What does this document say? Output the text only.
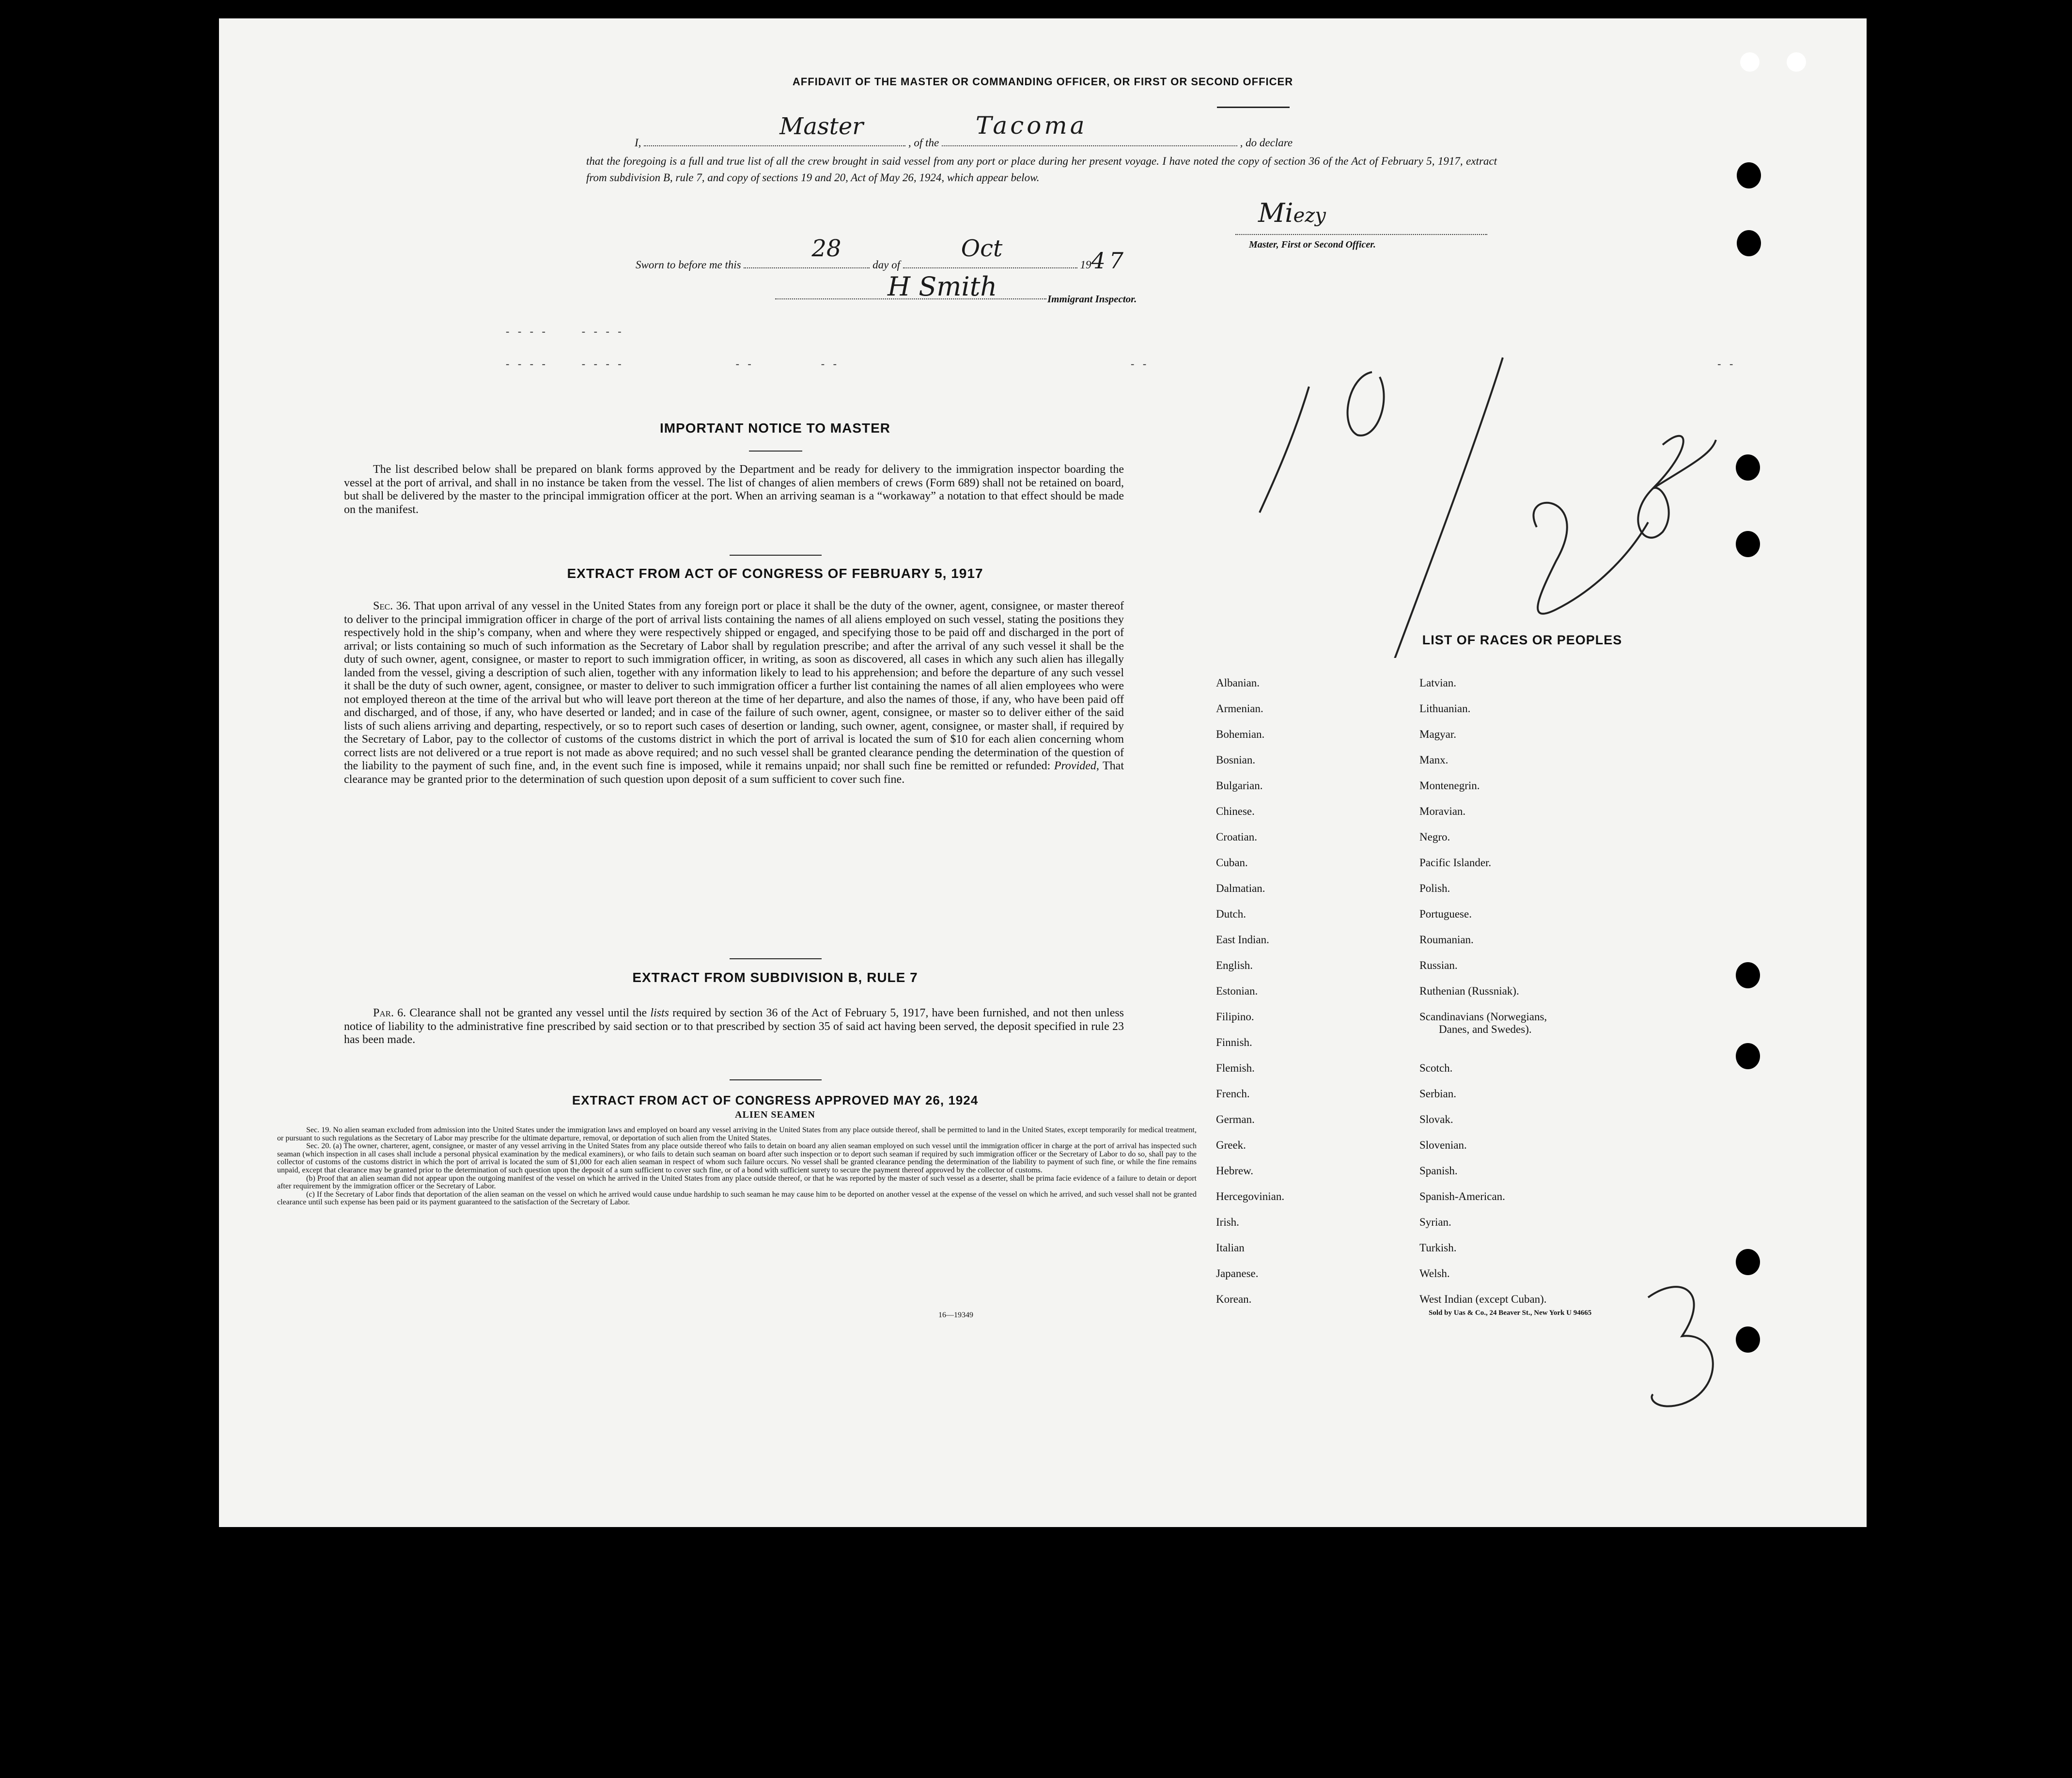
AFFIDAVIT OF THE MASTER OR COMMANDING OFFICER, OR FIRST OR SECOND OFFICER
I,
Master
, of the
Tacoma
, do declare
that the foregoing is a full and true list of all the crew brought in said vessel from any port or place during her present voyage. I have noted the copy of section 36 of the Act of February 5, 1917, extract from subdivision B, rule 7, and copy of sections 19 and 20, Act of May 26, 1924, which appear below.
Miezy
Master, First or Second Officer.
Sworn to before me this
28
day of
Oct
1947
H Smith	Immigrant Inspector.
- - - -      - - - -
- - - -      - - - -                    - -            - -	- -                                                                                                      - -
IMPORTANT NOTICE TO MASTER
The list described below shall be prepared on blank forms approved by the Department and be ready for delivery to the immigration inspector boarding the vessel at the port of arrival, and shall in no instance be taken from the vessel. The list of changes of alien members of crews (Form 689) shall not be retained on board, but shall be delivered by the master to the principal immigration officer at the port. When an arriving seaman is a “workaway” a notation to that effect should be made on the manifest.
EXTRACT FROM ACT OF CONGRESS OF FEBRUARY 5, 1917
Sec. 36. That upon arrival of any vessel in the United States from any foreign port or place it shall be the duty of the owner, agent, consignee, or master thereof to deliver to the principal immigration officer in charge of the port of arrival lists containing the names of all aliens employed on such vessel, stating the positions they respectively hold in the ship’s company, when and where they were respectively shipped or engaged, and specifying those to be paid off and discharged in the port of arrival; or lists containing so much of such information as the Secretary of Labor shall by regulation prescribe; and after the arrival of any such vessel it shall be the duty of such owner, agent, consignee, or master to report to such immigration officer, in writing, as soon as discovered, all cases in which any such alien has illegally landed from the vessel, giving a description of such alien, together with any information likely to lead to his apprehension; and before the departure of any such vessel it shall be the duty of such owner, agent, consignee, or master to deliver to such immigration officer a further list containing the names of all alien employees who were not employed thereon at the time of the arrival but who will leave port thereon at the time of her departure, and also the names of those, if any, who have been paid off and discharged, and of those, if any, who have deserted or landed; and in case of the failure of such owner, agent, consignee, or master so to deliver either of the said lists of such aliens arriving and departing, respectively, or so to report such cases of desertion or landing, such owner, agent, consignee, or master shall, if required by the Secretary of Labor, pay to the collector of customs of the customs district in which the port of arrival is located the sum of $10 for each alien concerning whom correct lists are not delivered or a true report is not made as above required; and no such vessel shall be granted clearance pending the determination of the question of the liability to the payment of such fine, and, in the event such fine is imposed, while it remains unpaid; nor shall such fine be remitted or refunded: Provided, That clearance may be granted prior to the determination of such question upon deposit of a sum sufficient to cover such fine.
EXTRACT FROM SUBDIVISION B, RULE 7
Par. 6. Clearance shall not be granted any vessel until the lists required by section 36 of the Act of February 5, 1917, have been furnished, and not then unless notice of liability to the administrative fine prescribed by said section or to that prescribed by section 35 of said act having been served, the deposit specified in rule 23 has been made.
EXTRACT FROM ACT OF CONGRESS APPROVED MAY 26, 1924
ALIEN SEAMEN
Sec. 19. No alien seaman excluded from admission into the United States under the immigration laws and employed on board any vessel arriving in the United States from any place outside thereof, shall be permitted to land in the United States, except temporarily for medical treatment, or pursuant to such regulations as the Secretary of Labor may prescribe for the ultimate departure, removal, or deportation of such alien from the United States.
Sec. 20. (a) The owner, charterer, agent, consignee, or master of any vessel arriving in the United States from any place outside thereof who fails to detain on board any alien seaman employed on such vessel until the immigration officer in charge at the port of arrival has inspected such seaman (which inspection in all cases shall include a personal physical examination by the medical examiners), or who fails to detain such seaman on board after such inspection or to deport such seaman if required by such immigration officer or the Secretary of Labor to do so, shall pay to the collector of customs of the customs district in which the port of arrival is located the sum of $1,000 for each alien seaman in respect of whom such failure occurs. No vessel shall be granted clearance pending the determination of the liability to payment of such fine, or while the fine remains unpaid, except that clearance may be granted prior to the determination of such question upon the deposit of a sum sufficient to cover such fine, or of a bond with sufficient surety to secure the payment thereof approved by the collector of customs.
(b) Proof that an alien seaman did not appear upon the outgoing manifest of the vessel on which he arrived in the United States from any place outside thereof, or that he was reported by the master of such vessel as a deserter, shall be prima facie evidence of a failure to detain or deport after requirement by the immigration officer or the Secretary of Labor.
(c) If the Secretary of Labor finds that deportation of the alien seaman on the vessel on which he arrived would cause undue hardship to such seaman he may cause him to be deported on another vessel at the expense of the vessel on which he arrived, and such vessel shall not be granted clearance until such expense has been paid or its payment guaranteed to the satisfaction of the Secretary of Labor.
16—19349
LIST OF RACES OR PEOPLES
Albanian.
Armenian.
Bohemian.
Bosnian.
Bulgarian.
Chinese.
Croatian.
Cuban.
Dalmatian.
Dutch.
East Indian.
English.
Estonian.
Filipino.
Finnish.
Flemish.
French.
German.
Greek.
Hebrew.
Hercegovinian.
Irish.
Italian
Japanese.
Korean.
Latvian.
Lithuanian.
Magyar.
Manx.
Montenegrin.
Moravian.
Negro.
Pacific Islander.
Polish.
Portuguese.
Roumanian.
Russian.
Ruthenian (Russniak).
Scandinavians (Norwegians,
Danes, and Swedes).
Scotch.
Serbian.
Slovak.
Slovenian.
Spanish.
Spanish-American.
Syrian.
Turkish.
Welsh.
West Indian (except Cuban).
Sold by Uas & Co., 24 Beaver St., New York U 94665
